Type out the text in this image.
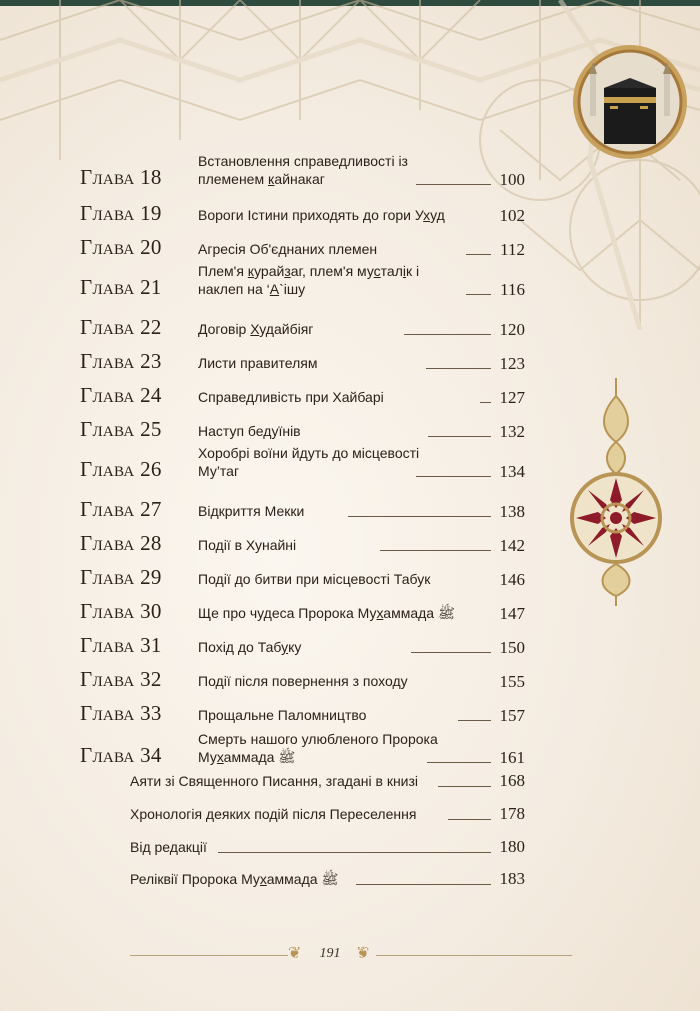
Глава 18
Встановлення справедливості із
племенем кайнакаг	100
Глава 19	Вороги Істини приходять до гори Ухуд	102
Глава 20	Агресія Об'єднаних племен	112
Глава 21
Плем'я курайзаг, плем'я мусталік і
наклеп на ‘А`ішу	116
Глава 22	Договір Худайбіяг	120
Глава 23	Листи правителям	123
Глава 24	Справедливість при Хайбарі	127
Глава 25	Наступ бедуїнів	132
Глава 26
Хоробрі воїни йдуть до місцевості
Му’таг	134
Глава 27	Відкриття Мекки	138
Глава 28	Події в Хунайні	142
Глава 29	Події до битви при місцевості Табук	146
Глава 30	Ще про чудеса Пророка Мухаммада ﷺ	147
Глава 31	Похід до Табуку	150
Глава 32	Події після повернення з походу	155
Глава 33	Прощальне Паломництво	157
Глава 34
Смерть нашого улюбленого Пророка
Мухаммада ﷺ	161
Аяти зі Священного Писання, згадані в книзі	168
Хронологія деяких подій після Переселення	178
Від редакції	180
Реліквії Пророка Мухаммада ﷺ	183
❦	191 ❦
